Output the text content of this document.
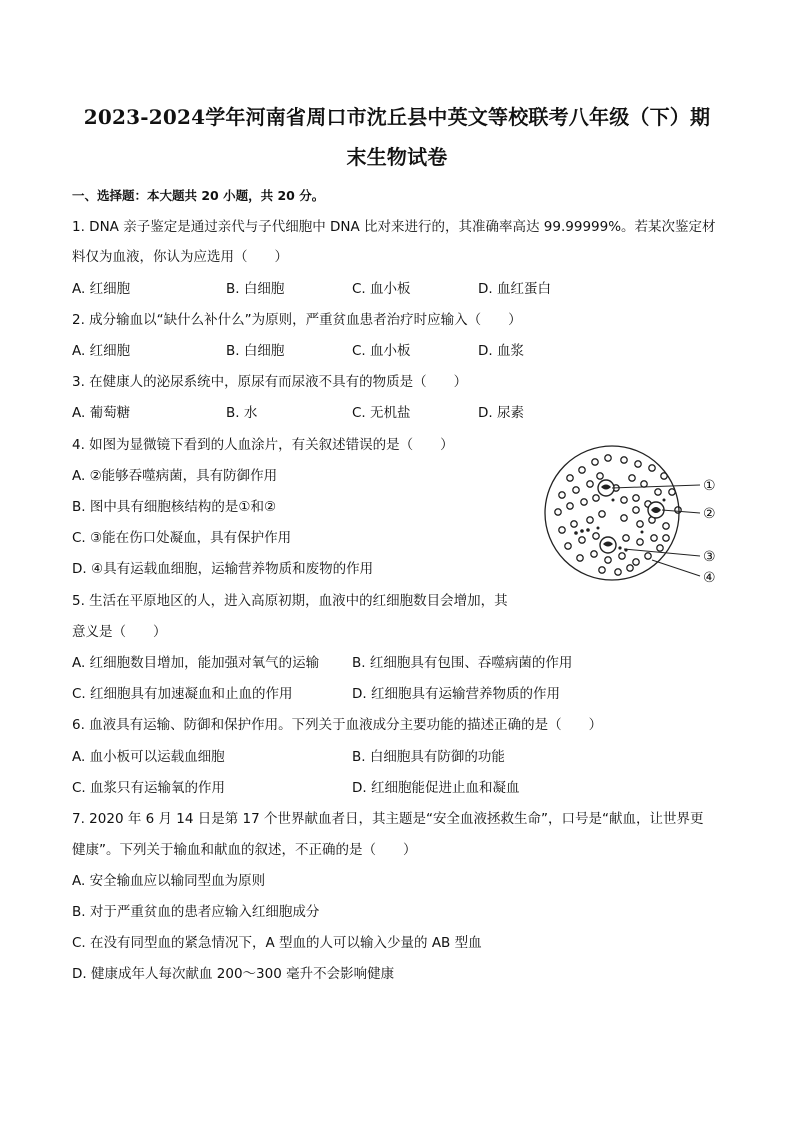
2023-2024学年河南省周口市沈丘县中英文等校联考八年级（下）期
末生物试卷
一、选择题：本大题共 20 小题，共 20 分。
1. DNA 亲子鉴定是通过亲代与子代细胞中 DNA 比对来进行的，其准确率高达 99.99999%。若某次鉴定材
料仅为血液，你认为应选用（　　）
A. 红细胞	B. 白细胞	C. 血小板	D. 血红蛋白
2. 成分输血以“缺什么补什么”为原则，严重贫血患者治疗时应输入（　　）
A. 红细胞	B. 白细胞	C. 血小板	D. 血浆
3. 在健康人的泌尿系统中，原尿有而尿液不具有的物质是（　　）
A. 葡萄糖	B. 水	C. 无机盐	D. 尿素
4. 如图为显微镜下看到的人血涂片，有关叙述错误的是（　　）
A. ②能够吞噬病菌，具有防御作用
B. 图中具有细胞核结构的是①和②
C. ③能在伤口处凝血，具有保护作用
D. ④具有运载血细胞，运输营养物质和废物的作用
①
②
③
④
5. 生活在平原地区的人，进入高原初期，血液中的红细胞数目会增加，其
意义是（　　）
A. 红细胞数目增加，能加强对氧气的运输 B. 红细胞具有包围、吞噬病菌的作用
C. 红细胞具有加速凝血和止血的作用	D. 红细胞具有运输营养物质的作用
6. 血液具有运输、防御和保护作用。下列关于血液成分主要功能的描述正确的是（　　）
A. 血小板可以运载血细胞	B. 白细胞具有防御的功能
C. 血浆只有运输氧的作用	D. 红细胞能促进止血和凝血
7. 2020 年 6 月 14 日是第 17 个世界献血者日，其主题是“安全血液拯救生命”，口号是“献血，让世界更
健康”。下列关于输血和献血的叙述，不正确的是（　　）
A. 安全输血应以输同型血为原则
B. 对于严重贫血的患者应输入红细胞成分
C. 在没有同型血的紧急情况下，A 型血的人可以输入少量的 AB 型血
D. 健康成年人每次献血 200～300 毫升不会影响健康
